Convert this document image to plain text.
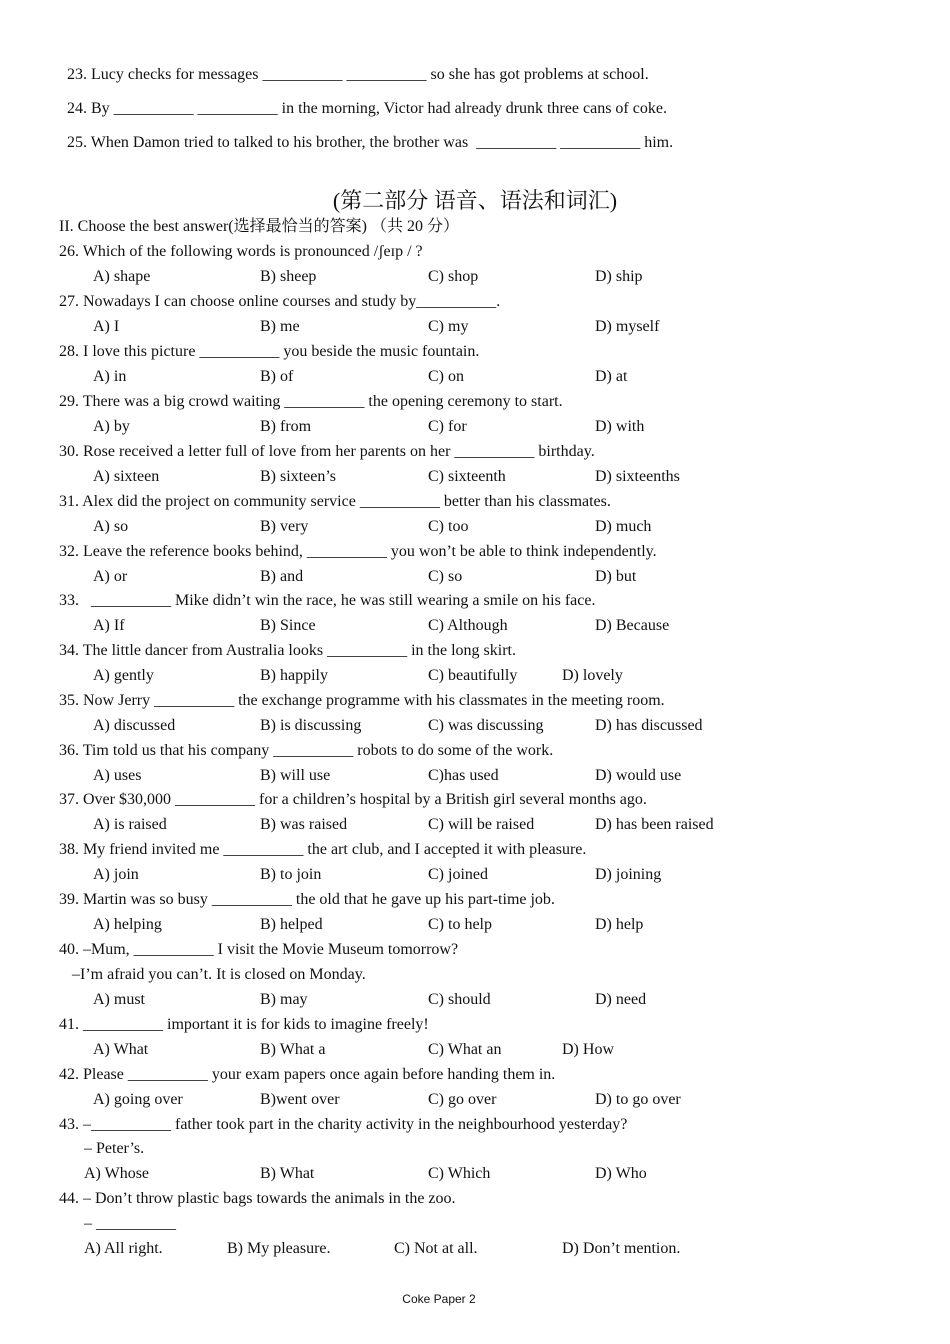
23. Lucy checks for messages __________ __________ so she has got problems at school.
24. By __________ __________ in the morning, Victor had already drunk three cans of coke.
25. When Damon tried to talked to his brother, the brother was  __________ __________ him.
(第二部分 语音、语法和词汇)
II. Choose the best answer(选择最恰当的答案) （共 20 分）
26. Which of the following words is pronounced /ʃeɪp / ?
A) shape	B) sheep	C) shop	D) ship
27. Nowadays I can choose online courses and study by__________.
A) I	B) me	C) my	D) myself
28. I love this picture __________ you beside the music fountain.
A) in	B) of	C) on	D) at
29. There was a big crowd waiting __________ the opening ceremony to start.
A) by	B) from	C) for	D) with
30. Rose received a letter full of love from her parents on her __________ birthday.
A) sixteen	B) sixteen’s	C) sixteenth	D) sixteenths
31. Alex did the project on community service __________ better than his classmates.
A) so	B) very	C) too	D) much
32. Leave the reference books behind, __________ you won’t be able to think independently.
A) or	B) and	C) so	D) but
33.   __________ Mike didn’t win the race, he was still wearing a smile on his face.
A) If	B) Since	C) Although	D) Because
34. The little dancer from Australia looks __________ in the long skirt.
A) gently	B) happily	C) beautifully	D) lovely
35. Now Jerry __________ the exchange programme with his classmates in the meeting room.
A) discussed	B) is discussing	C) was discussing	D) has discussed
36. Tim told us that his company __________ robots to do some of the work.
A) uses	B) will use	C)has used	D) would use
37. Over $30,000 __________ for a children’s hospital by a British girl several months ago.
A) is raised	B) was raised	C) will be raised	D) has been raised
38. My friend invited me __________ the art club, and I accepted it with pleasure.
A) join	B) to join	C) joined	D) joining
39. Martin was so busy __________ the old that he gave up his part-time job.
A) helping	B) helped	C) to help	D) help
40. –Mum, __________ I visit the Movie Museum tomorrow?
–I’m afraid you can’t. It is closed on Monday.
A) must	B) may	C) should	D) need
41. __________ important it is for kids to imagine freely!
A) What	B) What a	C) What an	D) How
42. Please __________ your exam papers once again before handing them in.
A) going over	B)went over	C) go over	D) to go over
43. –__________ father took part in the charity activity in the neighbourhood yesterday?
– Peter’s.
A) Whose	B) What	C) Which	D) Who
44. – Don’t throw plastic bags towards the animals in the zoo.
– __________
A) All right.	B) My pleasure.	C) Not at all.	D) Don’t mention.
Coke Paper 2
